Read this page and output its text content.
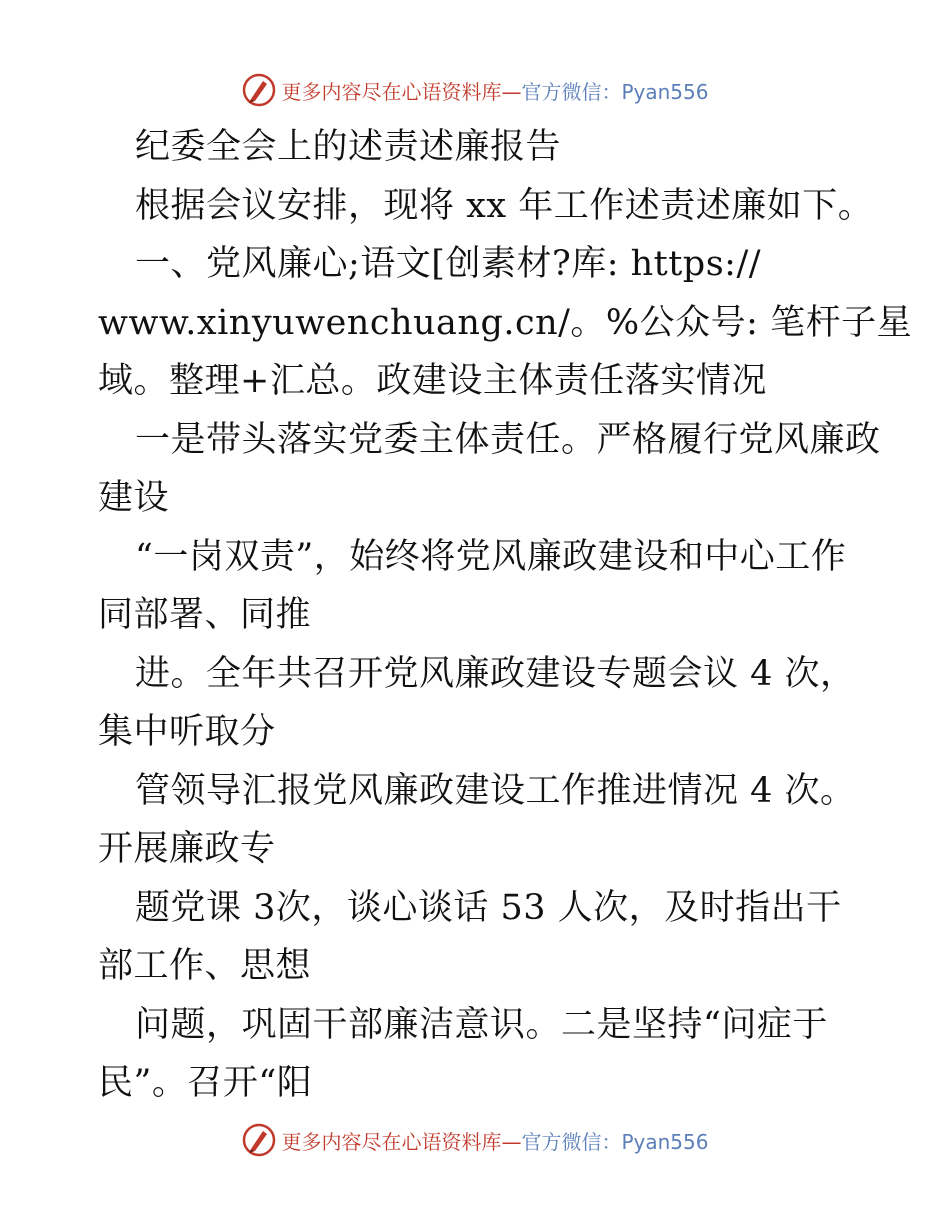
更多内容尽在心语资料库— 官方微信：Pyan556
纪委全会上的述责述廉报告
根据会议安排，现将 xx 年工作述责述廉如下。
一、党风廉心;语文[创素材?库: https://
www.xinyuwenchuang.cn/。%公众号: 笔杆子星
域。整理+汇总。政建设主体责任落实情况
一是带头落实党委主体责任。严格履行党风廉政
建设
“一岗双责”，始终将党风廉政建设和中心工作
同部署、同推
进。全年共召开党风廉政建设专题会议 4 次，
集中听取分
管领导汇报党风廉政建设工作推进情况 4 次。
开展廉政专
题党课 3次，谈心谈话 53 人次，及时指出干
部工作、思想
问题，巩固干部廉洁意识。二是坚持“问症于
民”。召开“阳
更多内容尽在心语资料库— 官方微信：Pyan556
